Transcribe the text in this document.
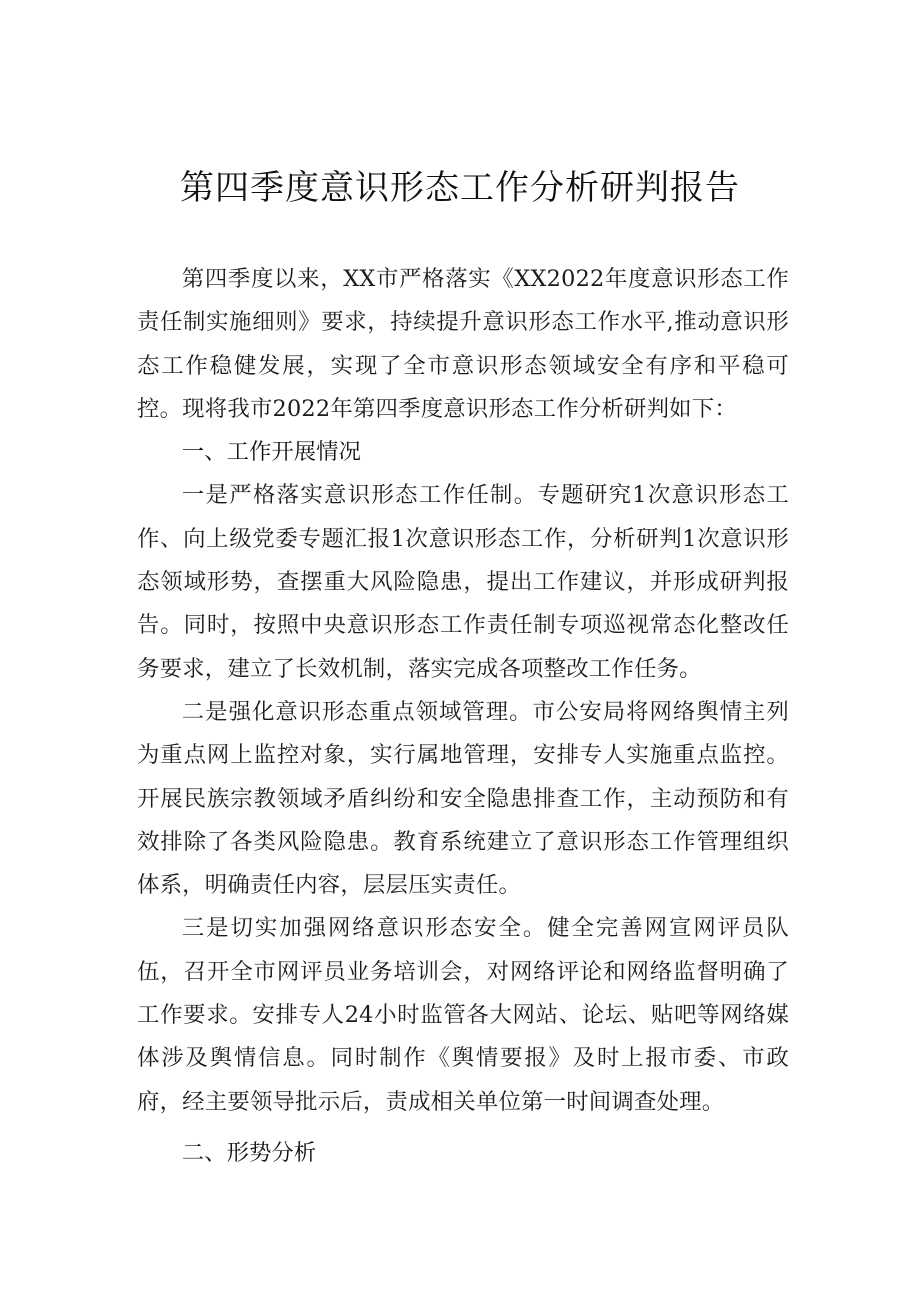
第四季度意识形态工作分析研判报告

第四季度以来，XX市严格落实《XX2022年度意识形态工作责任制实施细则》要求，持续提升意识形态工作水平,推动意识形态工作稳健发展，实现了全市意识形态领域安全有序和平稳可控。现将我市2022年第四季度意识形态工作分析研判如下：

一、工作开展情况

一是严格落实意识形态工作任制。专题研究1次意识形态工作、向上级党委专题汇报1次意识形态工作，分析研判1次意识形态领域形势，查摆重大风险隐患，提出工作建议，并形成研判报告。同时，按照中央意识形态工作责任制专项巡视常态化整改任务要求，建立了长效机制，落实完成各项整改工作任务。

二是强化意识形态重点领域管理。市公安局将网络舆情主列为重点网上监控对象，实行属地管理，安排专人实施重点监控。开展民族宗教领域矛盾纠纷和安全隐患排查工作，主动预防和有效排除了各类风险隐患。教育系统建立了意识形态工作管理组织体系，明确责任内容，层层压实责任。

三是切实加强网络意识形态安全。健全完善网宣网评员队伍，召开全市网评员业务培训会，对网络评论和网络监督明确了工作要求。安排专人24小时监管各大网站、论坛、贴吧等网络媒体涉及舆情信息。同时制作《舆情要报》及时上报市委、市政府，经主要领导批示后，责成相关单位第一时间调查处理。

二、形势分析
